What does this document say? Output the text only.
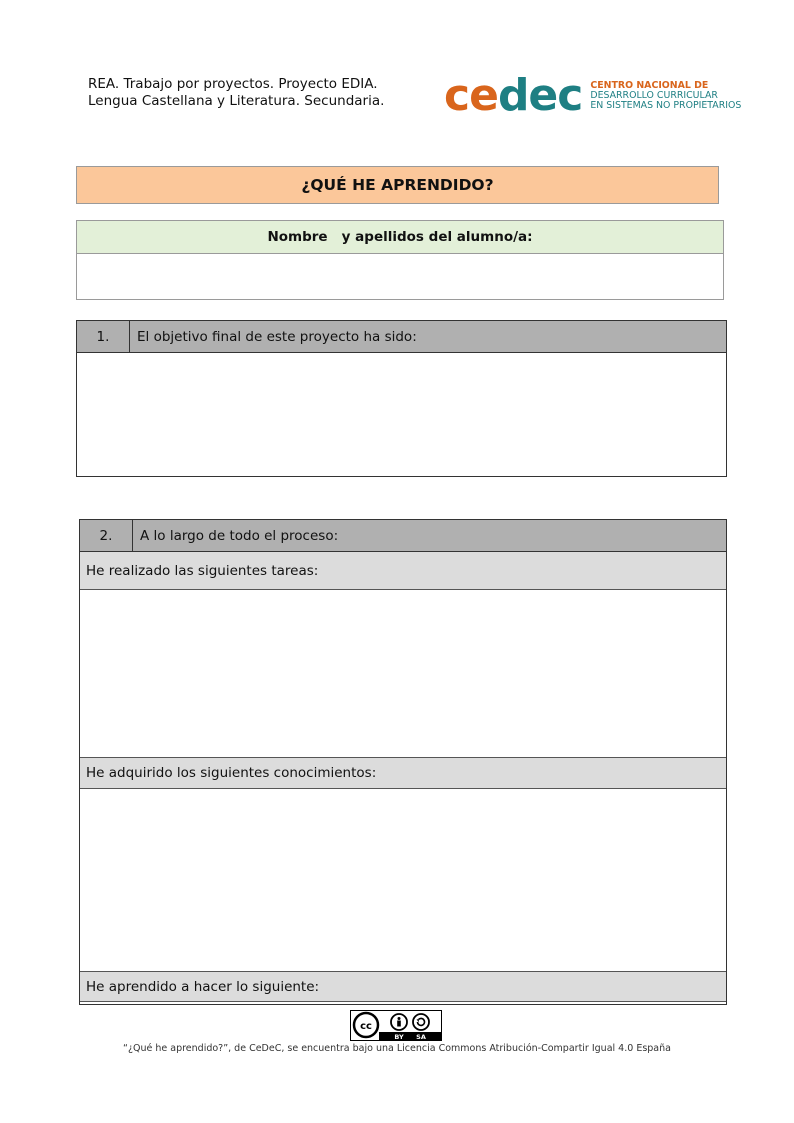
REA. Trabajo por proyectos. Proyecto EDIA.
Lengua Castellana y Literatura. Secundaria. cedec CENTRO NACIONAL DE
DESARROLLO CURRICULAR
EN SISTEMAS NO PROPIETARIOS
¿QUÉ HE APRENDIDO?
Nombre   y apellidos del alumno/a:
1.	El objetivo final de este proyecto ha sido:
2.	A lo largo de todo el proceso:
He realizado las siguientes tareas:
He adquirido los siguientes conocimientos:
He aprendido a hacer lo siguiente:
cc
BY SA
“¿Qué he aprendido?”, de CeDeC, se encuentra bajo una Licencia Commons Atribución-Compartir Igual 4.0 España
